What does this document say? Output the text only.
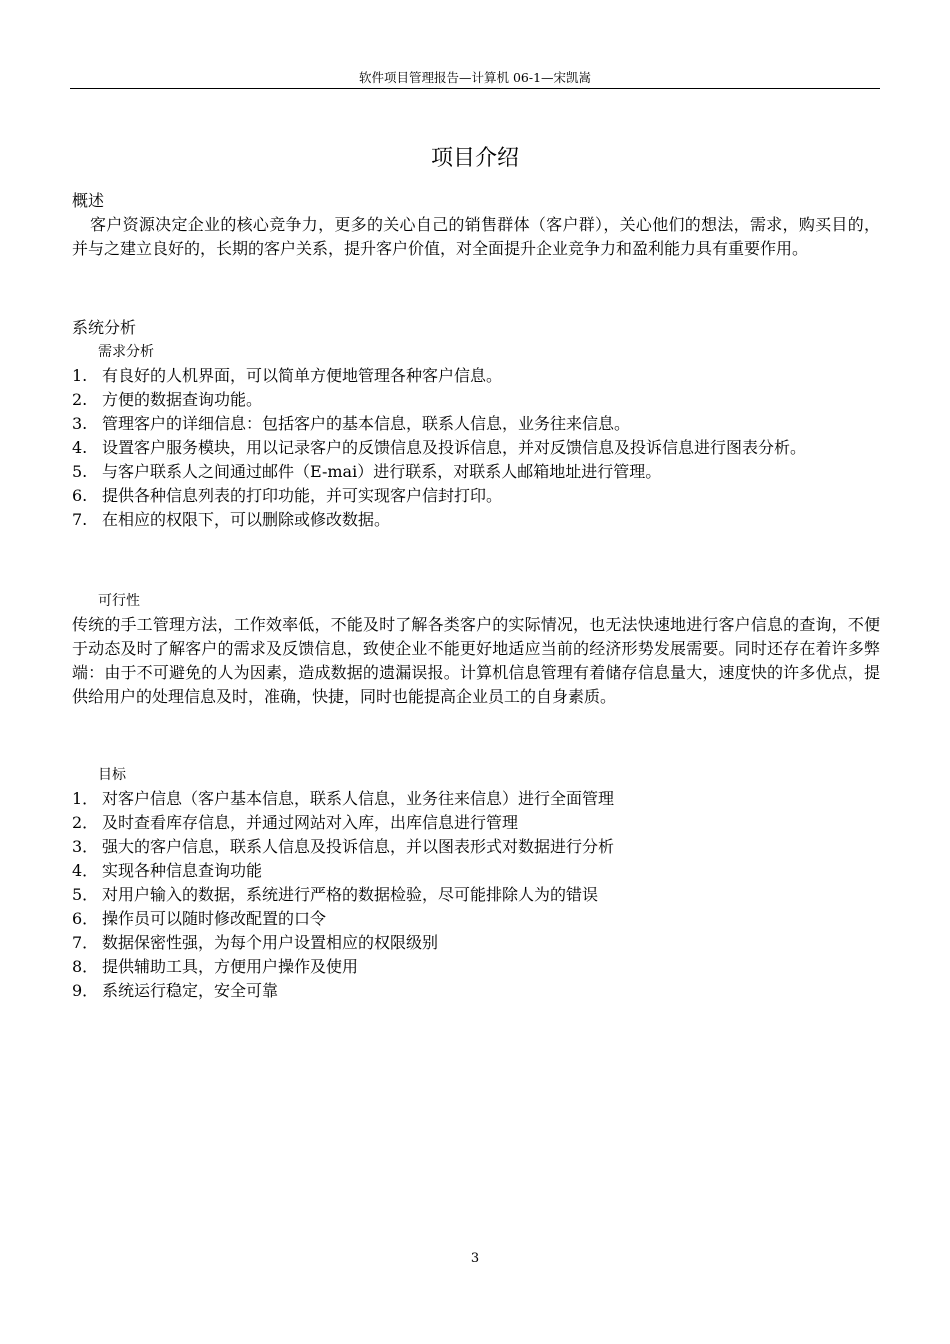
软件项目管理报告—计算机 06-1—宋凯嵩
项目介绍
概述
客户资源决定企业的核心竞争力，更多的关心自己的销售群体（客户群），关心他们的想法，需求，购买目的，并与之建立良好的，长期的客户关系，提升客户价值，对全面提升企业竞争力和盈利能力具有重要作用。
系统分析
需求分析
1. 有良好的人机界面，可以简单方便地管理各种客户信息。
2. 方便的数据查询功能。
3. 管理客户的详细信息：包括客户的基本信息，联系人信息，业务往来信息。
4. 设置客户服务模块，用以记录客户的反馈信息及投诉信息，并对反馈信息及投诉信息进行图表分析。
5. 与客户联系人之间通过邮件（E-mai）进行联系，对联系人邮箱地址进行管理。
6. 提供各种信息列表的打印功能，并可实现客户信封打印。
7. 在相应的权限下，可以删除或修改数据。
可行性
传统的手工管理方法，工作效率低，不能及时了解各类客户的实际情况，也无法快速地进行客户信息的查询，不便于动态及时了解客户的需求及反馈信息，致使企业不能更好地适应当前的经济形势发展需要。同时还存在着许多弊端：由于不可避免的人为因素，造成数据的遗漏误报。计算机信息管理有着储存信息量大，速度快的许多优点，提供给用户的处理信息及时，准确，快捷，同时也能提高企业员工的自身素质。
目标
1． 对客户信息（客户基本信息，联系人信息，业务往来信息）进行全面管理
2． 及时查看库存信息，并通过网站对入库，出库信息进行管理
3． 强大的客户信息，联系人信息及投诉信息，并以图表形式对数据进行分析
4． 实现各种信息查询功能
5． 对用户输入的数据，系统进行严格的数据检验，尽可能排除人为的错误
6． 操作员可以随时修改配置的口令
7． 数据保密性强，为每个用户设置相应的权限级别
8． 提供辅助工具，方便用户操作及使用
9． 系统运行稳定，安全可靠
3
